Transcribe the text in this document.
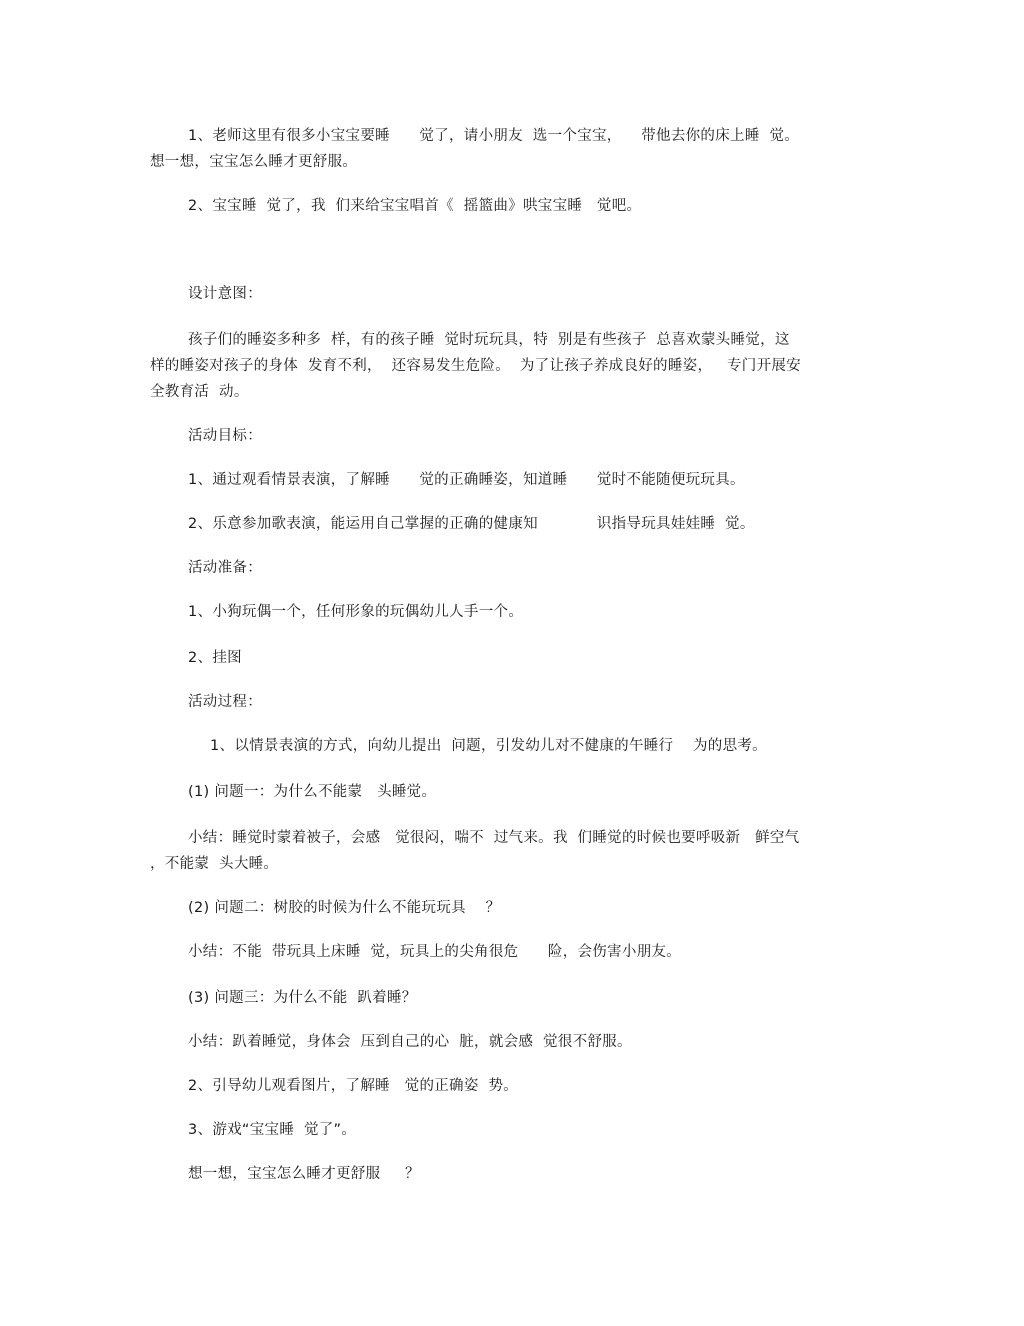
1、老师这里有很多小宝宝要睡      觉了，请小朋友  选一个宝宝，    带他去你的床上睡  觉。

想一想，宝宝怎么睡才更舒服。

2、宝宝睡  觉了，我  们来给宝宝唱首《  摇篮曲》哄宝宝睡   觉吧。

设计意图：

孩子们的睡姿多种多  样，有的孩子睡  觉时玩玩具，特  别是有些孩子  总喜欢蒙头睡觉，这

样的睡姿对孩子的身体  发育不利，  还容易发生危险。  为了让孩子养成良好的睡姿，   专门开展安

全教育活  动。

活动目标：

1、通过观看情景表演，了解睡      觉的正确睡姿，知道睡      觉时不能随便玩玩具。

2、乐意参加歌表演，能运用自己掌握的正确的健康知            识指导玩具娃娃睡  觉。

活动准备：

1、小狗玩偶一个，任何形象的玩偶幼儿人手一个。

2、挂图

活动过程：

1、以情景表演的方式，向幼儿提出  问题，引发幼儿对不健康的午睡行    为的思考。

(1) 问题一：为什么不能蒙   头睡觉。

小结：睡觉时蒙着被子，会感   觉很闷，喘不  过气来。我  们睡觉的时候也要呼吸新   鲜空气

，不能蒙  头大睡。

(2) 问题二：树胶的时候为什么不能玩玩具    ？

小结：不能  带玩具上床睡  觉，玩具上的尖角很危      险，会伤害小朋友。

(3) 问题三：为什么不能  趴着睡？

小结：趴着睡觉，身体会  压到自己的心  脏，就会感  觉很不舒服。

2、引导幼儿观看图片，了解睡   觉的正确姿  势。

3、游戏“宝宝睡  觉了”。

想一想，宝宝怎么睡才更舒服     ？
